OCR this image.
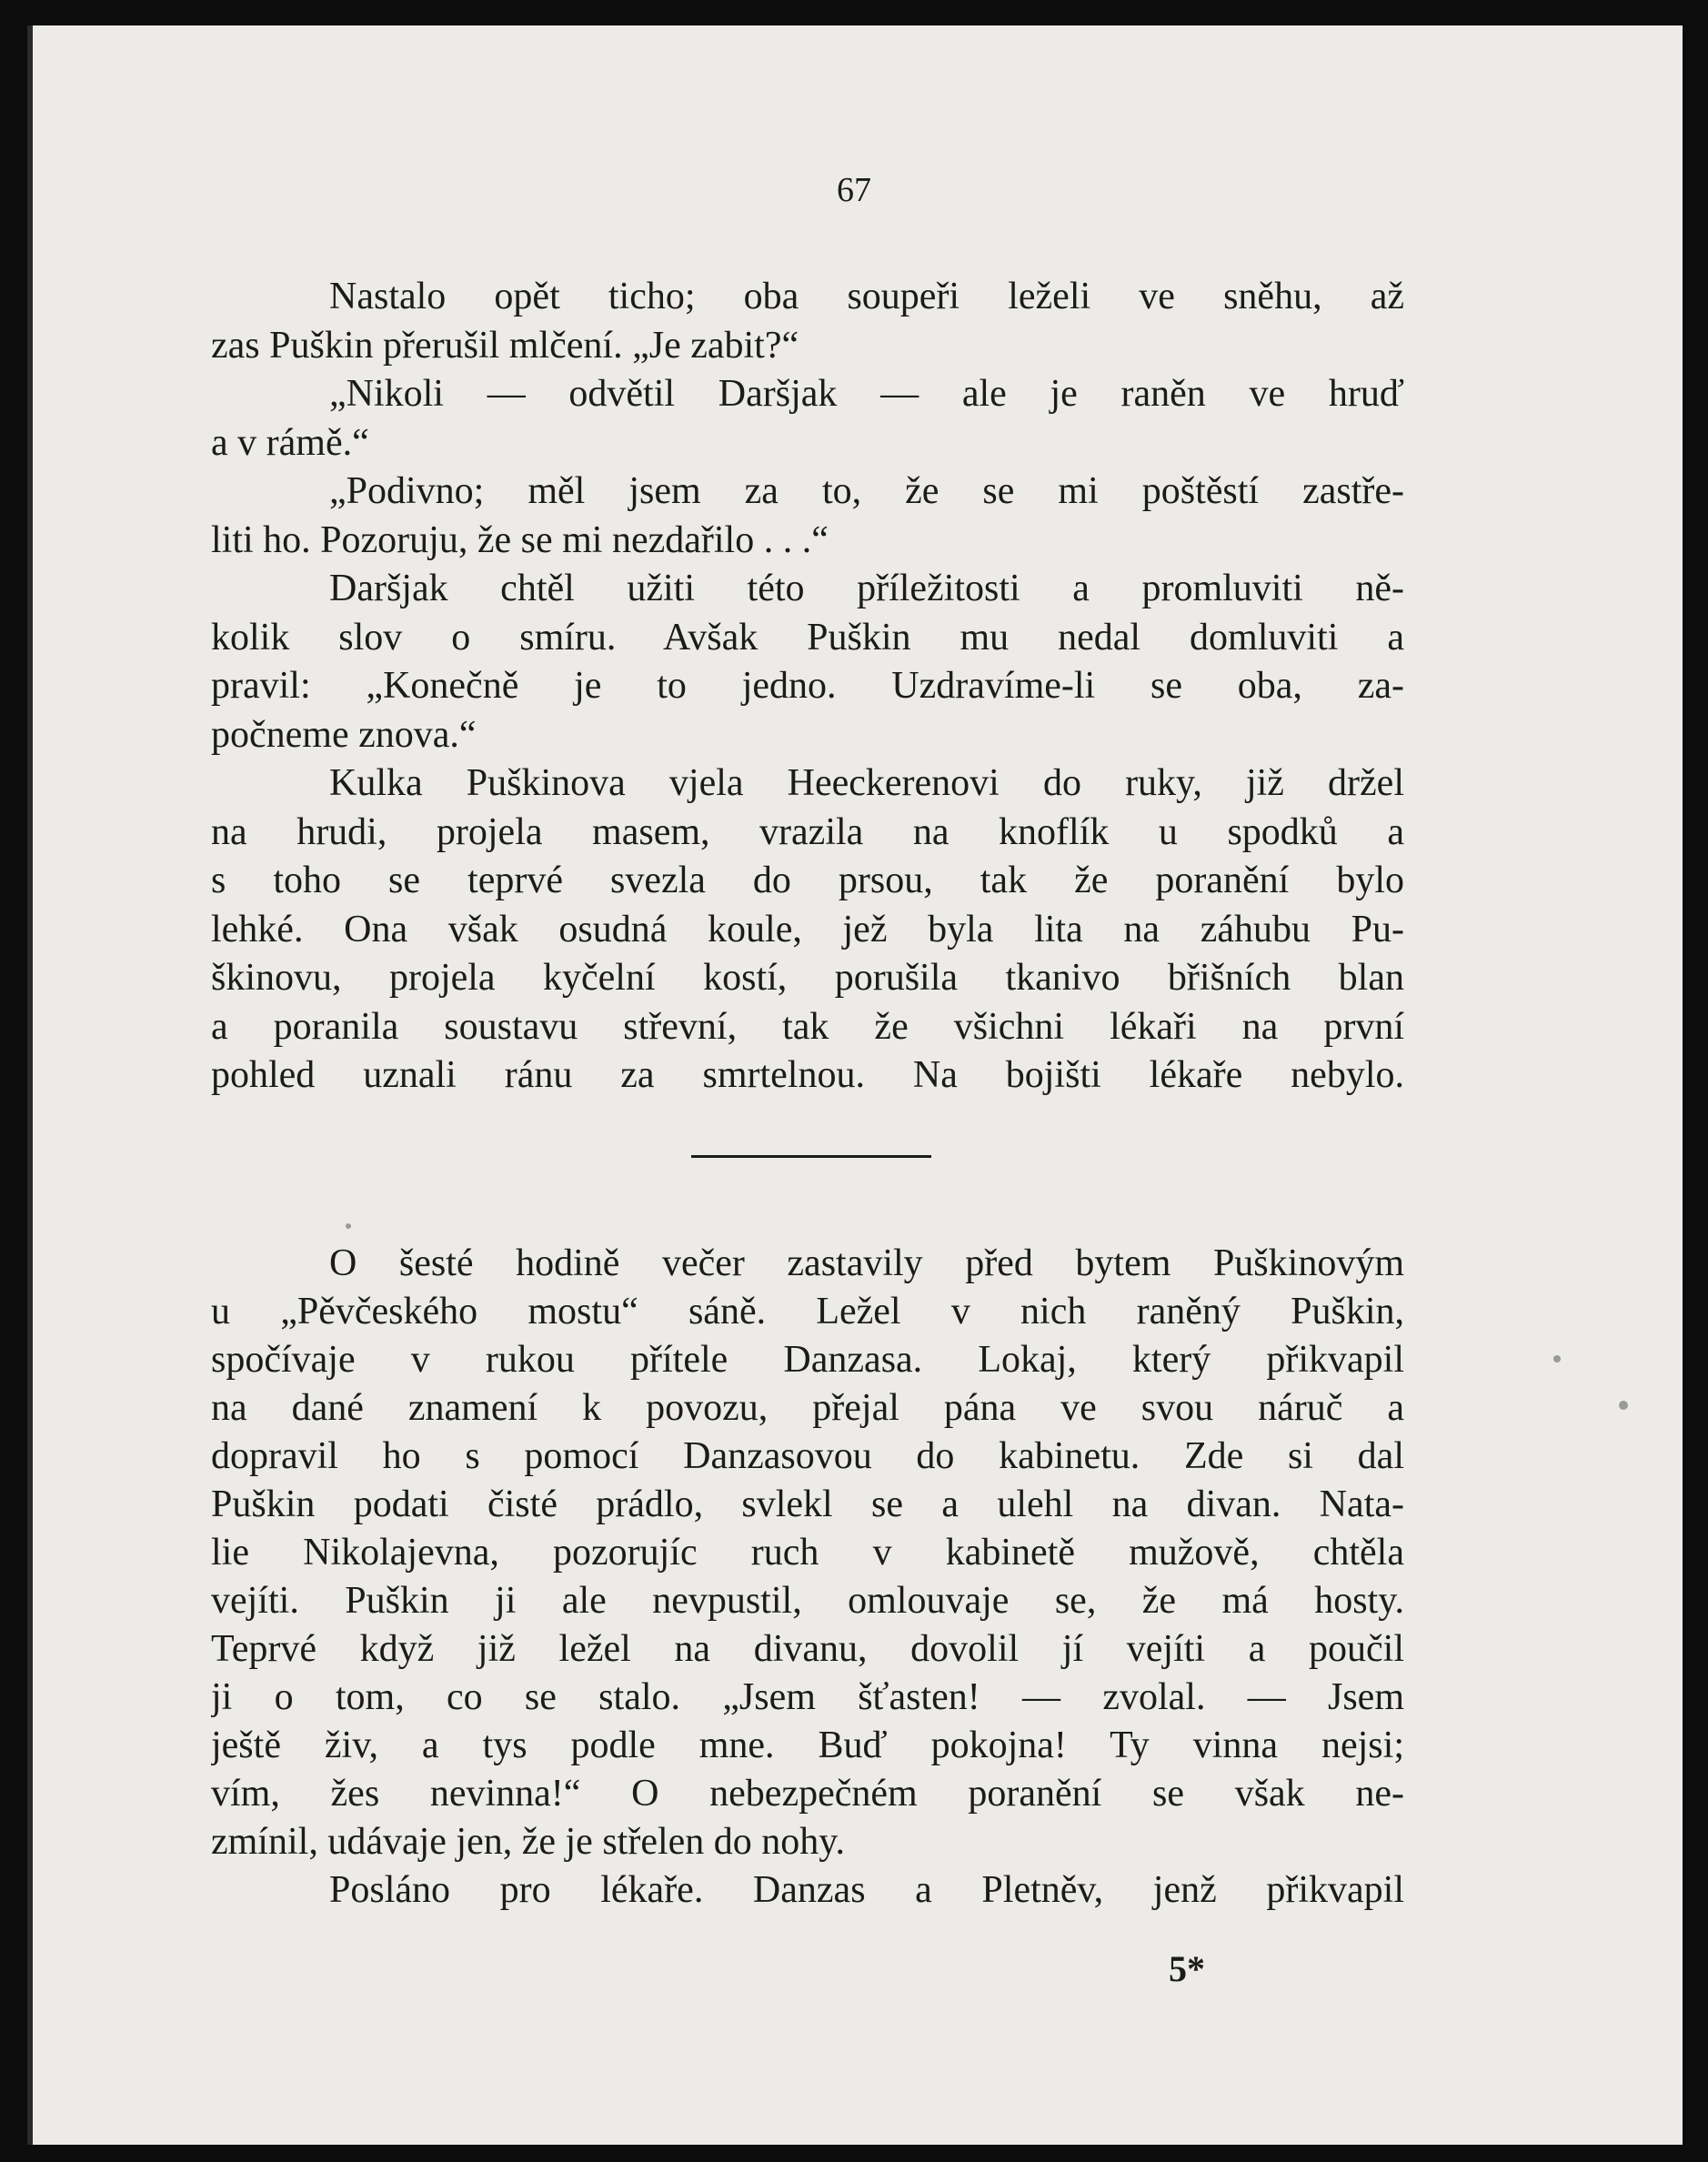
67
Nastalo opět ticho; oba soupeři leželi ve sněhu, až
zas Puškin přerušil mlčení. „Je zabit?“
„Nikoli — odvětil Daršjak — ale je raněn ve hruď
a v rámě.“
„Podivno; měl jsem za to, že se mi poštěstí zastře-
liti ho. Pozoruju, že se mi nezdařilo . . .“
Daršjak chtěl užiti této příležitosti a promluviti ně-
kolik slov o smíru. Avšak Puškin mu nedal domluviti a
pravil: „Konečně je to jedno. Uzdravíme-li se oba, za-
počneme znova.“
Kulka Puškinova vjela Heeckerenovi do ruky, již držel
na hrudi, projela masem, vrazila na knoflík u spodků a
s toho se teprvé svezla do prsou, tak že poranění bylo
lehké. Ona však osudná koule, jež byla lita na záhubu Pu-
škinovu, projela kyčelní kostí, porušila tkanivo břišních blan
a poranila soustavu střevní, tak že všichni lékaři na první
pohled uznali ránu za smrtelnou. Na bojišti lékaře nebylo.
O šesté hodině večer zastavily před bytem Puškinovým
u „Pěvčeského mostu“ sáně. Ležel v nich raněný Puškin,
spočívaje v rukou přítele Danzasa. Lokaj, který přikvapil
na dané znamení k povozu, přejal pána ve svou náruč a
dopravil ho s pomocí Danzasovou do kabinetu. Zde si dal
Puškin podati čisté prádlo, svlekl se a ulehl na divan. Nata-
lie Nikolajevna, pozorujíc ruch v kabinetě mužově, chtěla
vejíti. Puškin ji ale nevpustil, omlouvaje se, že má hosty.
Teprvé když již ležel na divanu, dovolil jí vejíti a poučil
ji o tom, co se stalo. „Jsem šťasten! — zvolal. — Jsem
ještě živ, a tys podle mne. Buď pokojna! Ty vinna nejsi;
vím, žes nevinna!“ O nebezpečném poranění se však ne-
zmínil, udávaje jen, že je střelen do nohy.
Posláno pro lékaře. Danzas a Pletněv, jenž přikvapil
5*
